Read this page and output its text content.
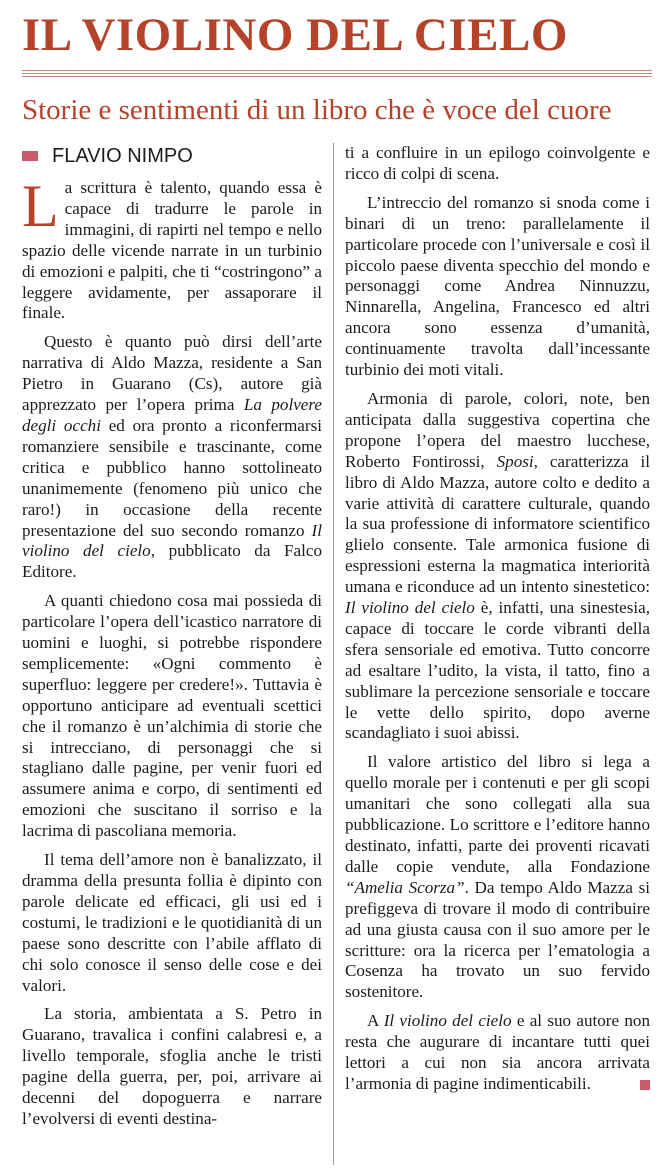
IL VIOLINO DEL CIELO
Storie e sentimenti di un libro che è voce del cuore
FLAVIO NIMPO

La scrittura è talento, quando essa è capace di tradurre le parole in immagini, di rapirti nel tempo e nello spazio delle vicende narrate in un turbinio di emozioni e palpiti, che ti “costringono” a leggere avidamente, per assaporare il finale.

Questo è quanto può dirsi dell’arte narrativa di Aldo Mazza, residente a San Pietro in Guarano (Cs), autore già apprezzato per l’opera prima La polvere degli occhi ed ora pronto a riconfermarsi romanziere sensibile e trascinante, come critica e pubblico hanno sottolineato unanimemente (fenomeno più unico che raro!) in occasione della recente presentazione del suo secondo romanzo Il violino del cielo, pubblicato da Falco Editore.

A quanti chiedono cosa mai possieda di particolare l’opera dell’icastico narratore di uomini e luoghi, si potrebbe rispondere semplicemente: «Ogni commento è superfluo: leggere per credere!». Tuttavia è opportuno anticipare ad eventuali scettici che il romanzo è un’alchimia di storie che si intrecciano, di personaggi che si stagliano dalle pagine, per venir fuori ed assumere anima e corpo, di sentimenti ed emozioni che suscitano il sorriso e la lacrima di pascoliana memoria.

Il tema dell’amore non è banalizzato, il dramma della presunta follia è dipinto con parole delicate ed efficaci, gli usi ed i costumi, le tradizioni e le quotidianità di un paese sono descritte con l’abile afflato di chi solo conosce il senso delle cose e dei valori.

La storia, ambientata a S. Petro in Guarano, travalica i confini calabresi e, a livello temporale, sfoglia anche le tristi pagine della guerra, per, poi, arrivare ai decenni del dopoguerra e narrare l’evolversi di eventi destina-

ti a confluire in un epilogo coinvolgente e ricco di colpi di scena.

L’intreccio del romanzo si snoda come i binari di un treno: parallelamente il particolare procede con l’universale e così il piccolo paese diventa specchio del mondo e personaggi come Andrea Ninnuzzu, Ninnarella, Angelina, Francesco ed altri ancora sono essenza d’umanità, continuamente travolta dall’incessante turbinio dei moti vitali.

Armonia di parole, colori, note, ben anticipata dalla suggestiva copertina che propone l’opera del maestro lucchese, Roberto Fontirossi, Sposi, caratterizza il libro di Aldo Mazza, autore colto e dedito a varie attività di carattere culturale, quando la sua professione di informatore scientifico glielo consente. Tale armonica fusione di espressioni esterna la magmatica interiorità umana e riconduce ad un intento sinestetico: Il violino del cielo è, infatti, una sinestesia, capace di toccare le corde vibranti della sfera sensoriale ed emotiva. Tutto concorre ad esaltare l’udito, la vista, il tatto, fino a sublimare la percezione sensoriale e toccare le vette dello spirito, dopo averne scandagliato i suoi abissi.

Il valore artistico del libro si lega a quello morale per i contenuti e per gli scopi umanitari che sono collegati alla sua pubblicazione. Lo scrittore e l’editore hanno destinato, infatti, parte dei proventi ricavati dalle copie vendute, alla Fondazione “Amelia Scorza”. Da tempo Aldo Mazza si prefiggeva di trovare il modo di contribuire ad una giusta causa con il suo amore per le scritture: ora la ricerca per l’ematologia a Cosenza ha trovato un suo fervido sostenitore.

A Il violino del cielo e al suo autore non resta che augurare di incantare tutti quei lettori a cui non sia ancora arrivata l’armonia di pagine indimenticabili.
